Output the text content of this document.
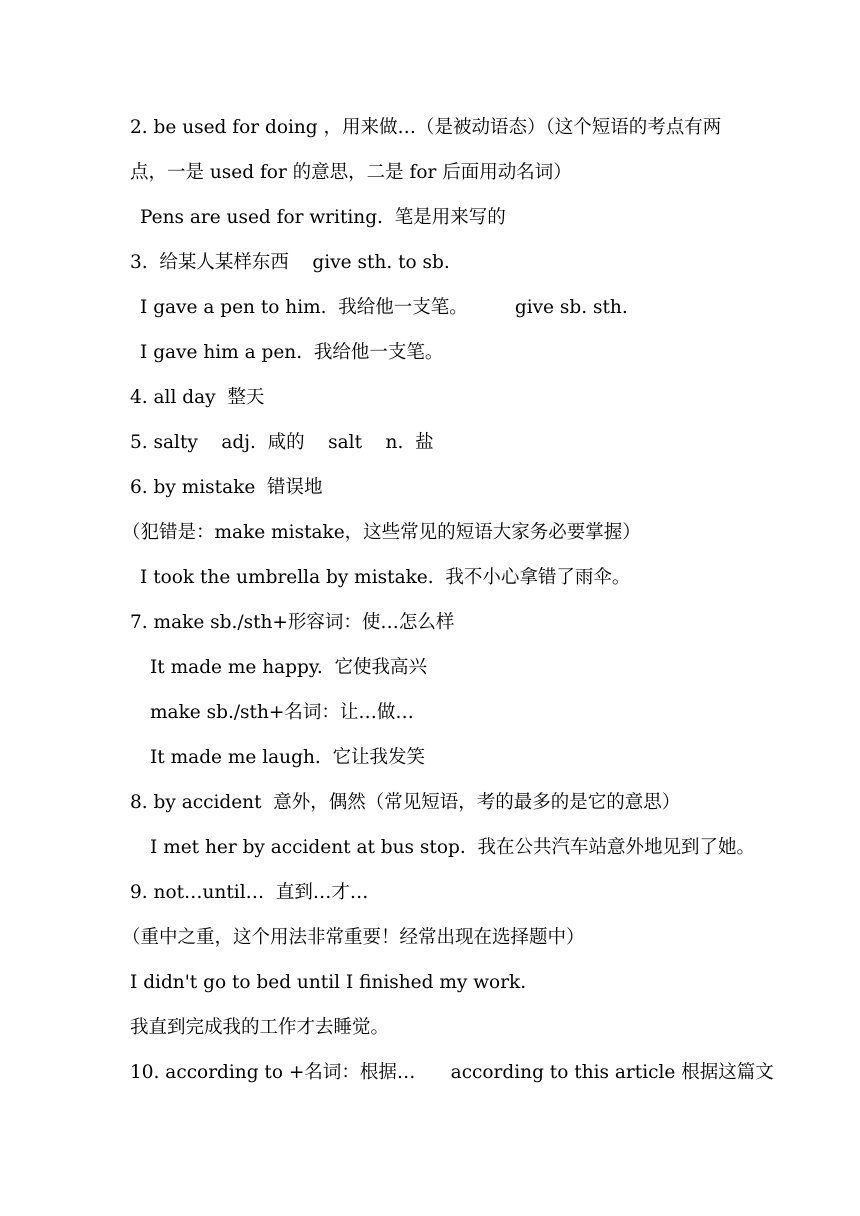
2. be used for doing ，用来做…（是被动语态）（这个短语的考点有两
点，一是 used for 的意思，二是 for 后面用动名词）
Pens are used for writing.  笔是用来写的
3.  给某人某样东西    give sth. to sb.
I gave a pen to him.  我给他一支笔。        give sb. sth.
I gave him a pen.  我给他一支笔。
4. all day  整天
5. salty    adj.  咸的    salt    n.  盐
6. by mistake  错误地
（犯错是：make mistake，这些常见的短语大家务必要掌握）
I took the umbrella by mistake.  我不小心拿错了雨伞。
7. make sb./sth+形容词：使…怎么样
It made me happy.  它使我高兴
make sb./sth+名词：让…做…
It made me laugh.  它让我发笑
8. by accident  意外，偶然（常见短语，考的最多的是它的意思）
I met her by accident at bus stop.  我在公共汽车站意外地见到了她。
9. not…until…  直到…才…
（重中之重，这个用法非常重要！经常出现在选择题中）
I didn't go to bed until I finished my work.
我直到完成我的工作才去睡觉。
10. according to +名词：根据…      according to this article 根据这篇文
